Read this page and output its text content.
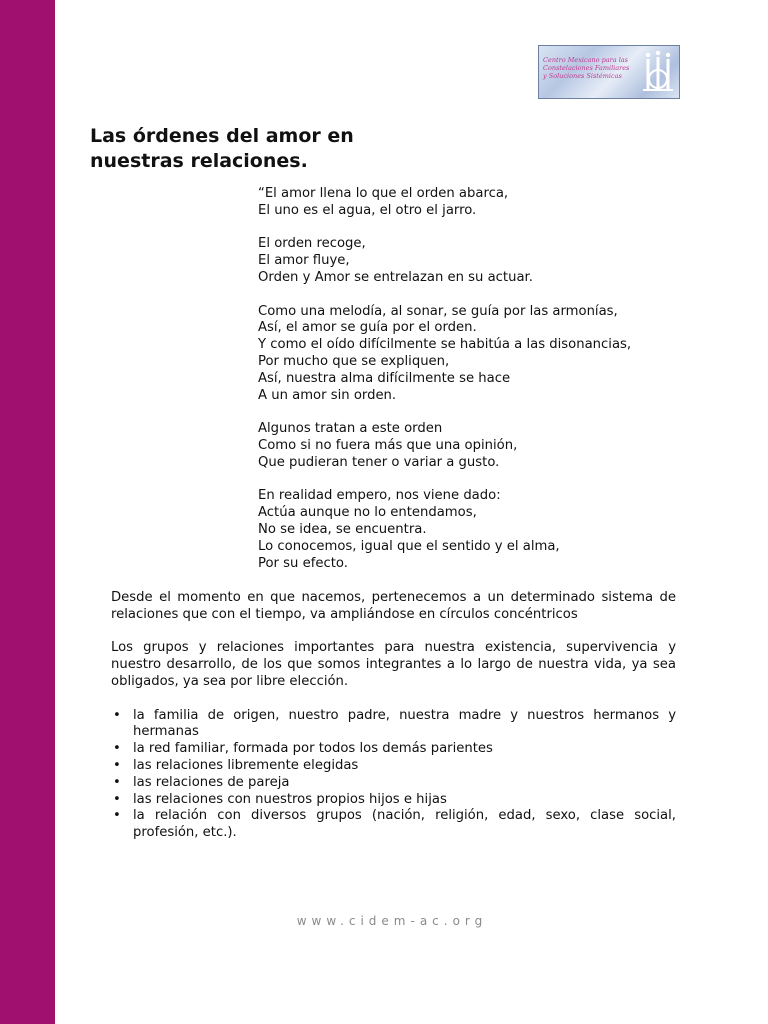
Centro Mexicano para las
Constelaciones Familiares
y Soluciones Sistémicas
Las órdenes del amor en
nuestras relaciones.
“El amor llena lo que el orden abarca,
El uno es el agua, el otro el jarro.
El orden recoge,
El amor fluye,
Orden y Amor se entrelazan en su actuar.
Como una melodía, al sonar, se guía por las armonías,
Así, el amor se guía por el orden.
Y como el oído difícilmente se habitúa a las disonancias,
Por mucho que se expliquen,
Así, nuestra alma difícilmente se hace
A un amor sin orden.
Algunos tratan a este orden
Como si no fuera más que una opinión,
Que pudieran tener o variar a gusto.
En realidad empero, nos viene dado:
Actúa aunque no lo entendamos,
No se idea, se encuentra.
Lo conocemos, igual que el sentido y el alma,
Por su efecto.

Desde el momento en que nacemos, pertenecemos a un determinado sistema de relaciones que con el tiempo, va ampliándose en círculos concéntricos

Los grupos y relaciones importantes para nuestra existencia, supervivencia y nuestro desarrollo, de los que somos integrantes a lo largo de nuestra vida, ya sea obligados, ya sea por libre elección.

• la familia de origen, nuestro padre, nuestra madre y nuestros hermanos y hermanas
• la red familiar, formada por todos los demás parientes
• las relaciones libremente elegidas
• las relaciones de pareja
• las relaciones con nuestros propios hijos e hijas
• la relación con diversos grupos (nación, religión, edad, sexo, clase social, profesión, etc.).
www.cidem-ac.org
